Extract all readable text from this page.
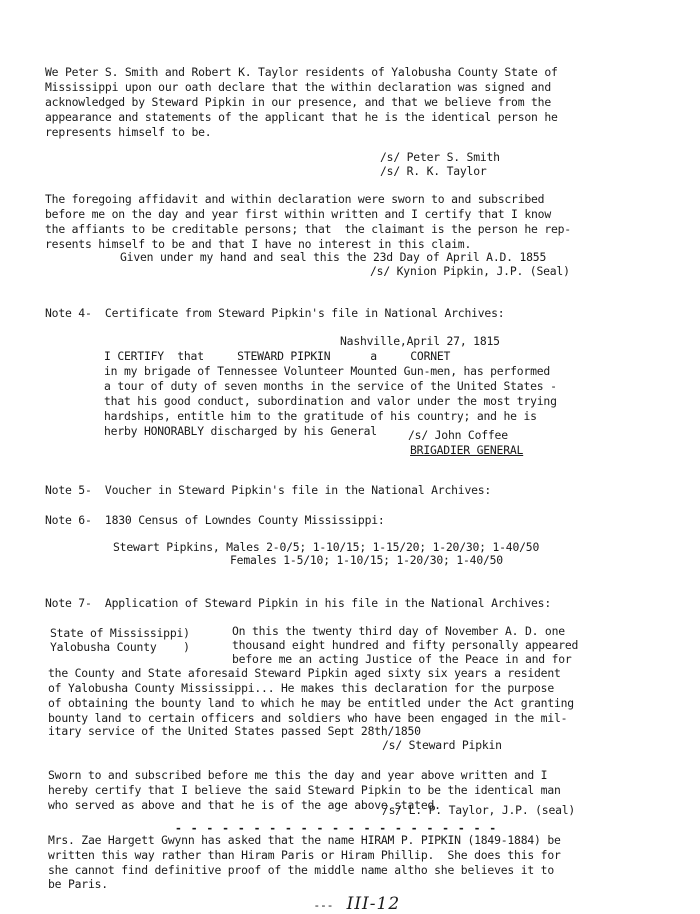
We Peter S. Smith and Robert K. Taylor residents of Yalobusha County State of
Mississippi upon our oath declare that the within declaration was signed and
acknowledged by Steward Pipkin in our presence, and that we believe from the
appearance and statements of the applicant that he is the identical person he
represents himself to be.
/s/ Peter S. Smith
/s/ R. K. Taylor
The foregoing affidavit and within declaration were sworn to and subscribed
before me on the day and year first within written and I certify that I know
the affiants to be creditable persons; that  the claimant is the person he rep-
resents himself to be and that I have no interest in this claim.
Given under my hand and seal this the 23d Day of April A.D. 1855
/s/ Kynion Pipkin, J.P. (Seal)
Note 4-  Certificate from Steward Pipkin's file in National Archives:
Nashville,April 27, 1815
I CERTIFY  that     STEWARD PIPKIN      a     CORNET
in my brigade of Tennessee Volunteer Mounted Gun-men, has performed
a tour of duty of seven months in the service of the United States -
that his good conduct, subordination and valor under the most trying
hardships, entitle him to the gratitude of his country; and he is
herby HONORABLY discharged by his General	/s/ John Coffee
BRIGADIER GENERAL
Note 5-  Voucher in Steward Pipkin's file in the National Archives:
Note 6-  1830 Census of Lowndes County Mississippi:
Stewart Pipkins, Males 2-0/5; 1-10/15; 1-15/20; 1-20/30; 1-40/50
Females 1-5/10; 1-10/15; 1-20/30; 1-40/50
Note 7-  Application of Steward Pipkin in his file in the National Archives:
State of Mississippi)
Yalobusha County    )
On this the twenty third day of November A. D. one
thousand eight hundred and fifty personally appeared
before me an acting Justice of the Peace in and for
the County and State aforesaid Steward Pipkin aged sixty six years a resident
of Yalobusha County Mississippi... He makes this declaration for the purpose
of obtaining the bounty land to which he may be entitled under the Act granting
bounty land to certain officers and soldiers who have been engaged in the mil-
itary service of the United States passed Sept 28th/1850
/s/ Steward Pipkin
Sworn to and subscribed before me this the day and year above written and I
hereby certify that I believe the said Steward Pipkin to be the identical man
who served as above and that he is of the age above stated.
/s/ L. P. Taylor, J.P. (seal)
- - - - - - - - - - - - - - - - - - - - -
Mrs. Zae Hargett Gwynn has asked that the name HIRAM P. PIPKIN (1849-1884) be
written this way rather than Hiram Paris or Hiram Phillip.  She does this for
she cannot find definitive proof of the middle name altho she believes it to
be Paris.

---  III-12
